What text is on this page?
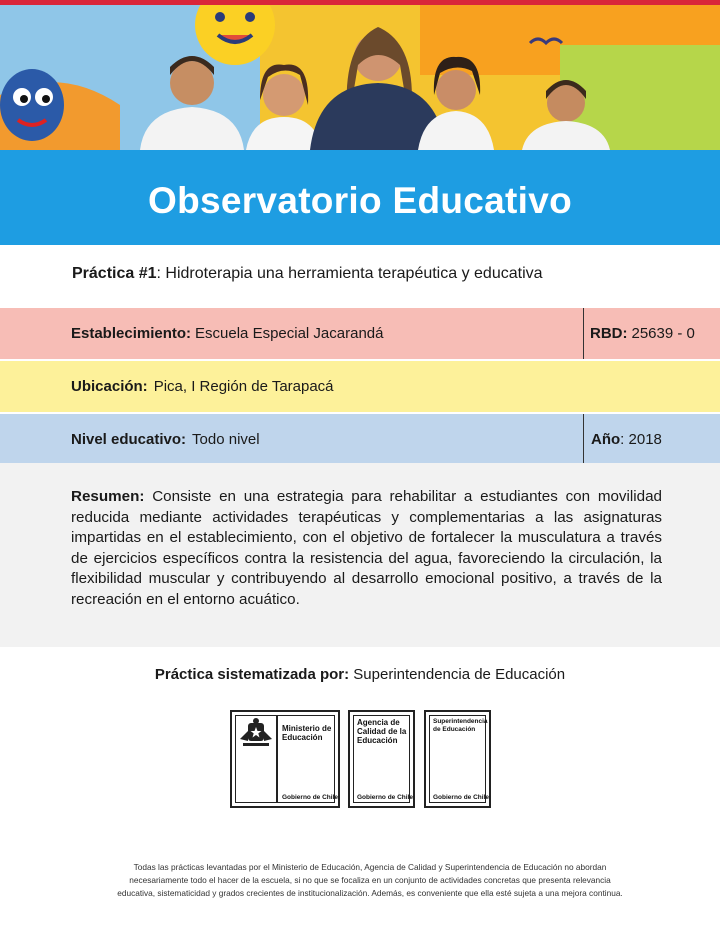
Observatorio Educativo
Práctica #1: Hidroterapia una herramienta terapéutica y educativa
Establecimiento: Escuela Especial Jacarandá	RBD: 25639 - 0
Ubicación: Pica, I Región de Tarapacá
Nivel educativo: Todo nivel	Año : 2018

Resumen: Consiste en una estrategia para rehabilitar a estudiantes con movilidad reducida mediante actividades terapéuticas y complementarias a las asignaturas impartidas en el establecimiento, con el objetivo de fortalecer la musculatura a través de ejercicios específicos contra la resistencia del agua, favoreciendo la circulación, la flexibilidad muscular y contribuyendo al desarrollo emocional positivo, a través de la recreación en el entorno acuático.

Práctica sistematizada por: Superintendencia de Educación
Ministerio de Educación
Gobierno de Chile
Agencia de Calidad de la Educación
Gobierno de Chile
Superintendencia de Educación
Gobierno de Chile
Todas las prácticas levantadas por el Ministerio de Educación, Agencia de Calidad y Superintendencia de Educación no abordan
necesariamente todo el hacer de la escuela, si no que se focaliza en un conjunto de actividades concretas que presenta relevancia
educativa, sistematicidad y grados crecientes de institucionalización. Además, es conveniente que ella esté sujeta a una mejora continua.
